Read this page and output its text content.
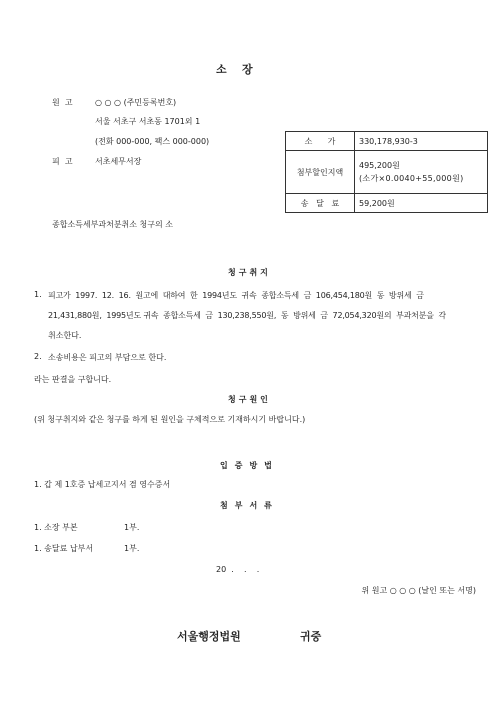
소    장
원  고	○ ○ ○ (주민등록번호)
서울 서초구 서초동 1701외 1
(전화 000-000, 팩스 000-000)
피  고	서초세무서장
소      가	330,178,930-3
첨부할인지액	495,200원
(소가×0.0040+55,000원)

송   달   료	59,200원
종합소득세부과처분취소 청구의 소
청구취지
1. 피고가  1997.  12.  16.  원고에  대하여  한  1994년도  귀속  종합소득세  금  106,454,180원  동  방위세  금
21,431,880원,  1995년도 귀속  종합소득세  금  130,238,550원,  동  방위세  금  72,054,320원의  부과처분을  각
취소한다.
2. 소송비용은 피고의 부담으로 한다.
라는 판결을 구합니다.
청구원인
(위 청구취지와 같은 청구를 하게 된 원인을 구체적으로 기재하시기 바랍니다.)
입증방법
1. 갑 제 1호증 납세고지서 겸 영수증서
첨부서류
1. 소장 부본	1부.
1. 송달료 납부서	1부.
20  .    .    .
위 원고 ○ ○ ○ (날인 또는 서명)
서울행정법원	귀중
